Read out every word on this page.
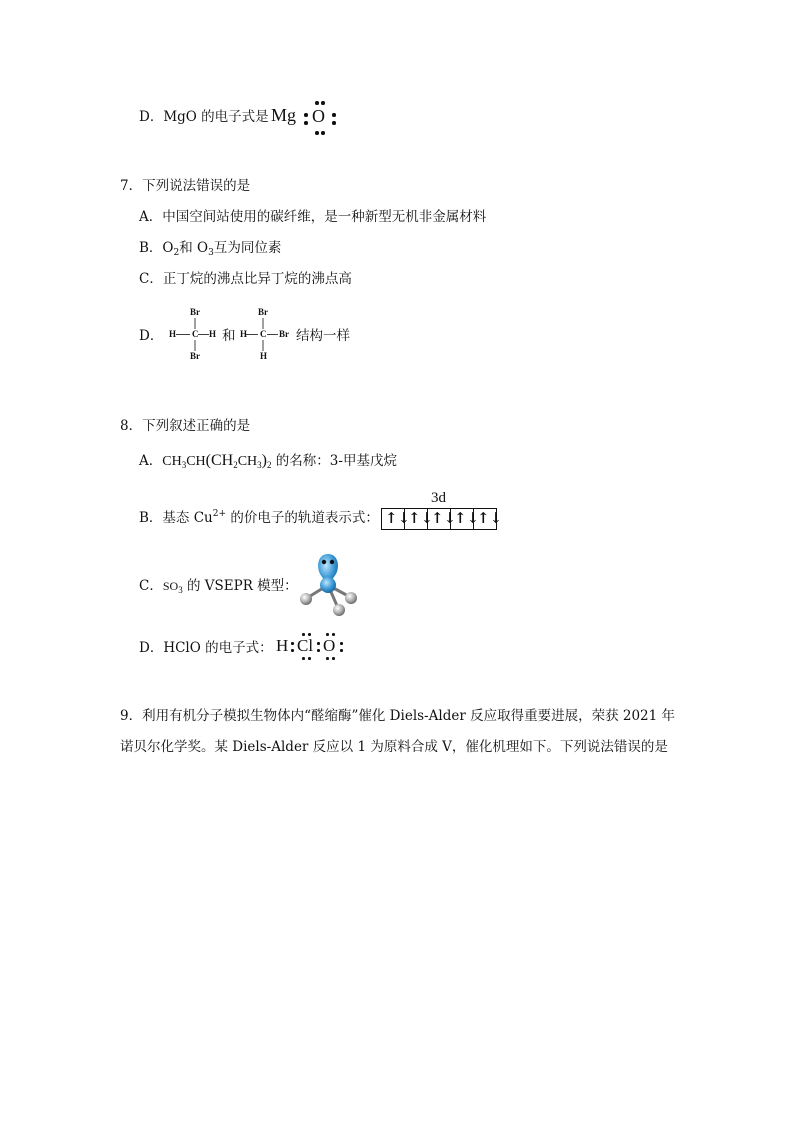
D．MgO 的电子式是 Mg O
7．下列说法错误的是
A．中国空间站使用的碳纤维，是一种新型无机非金属材料
B．$O_2$和 $O_3$互为同位素
C．正丁烷的沸点比异丁烷的沸点高
D．
Br
H C H
Br
和
Br
H C Br
H
结构一样
8．下列叙述正确的是
A．$CH_3CH(CH_2CH_3)_2$ 的名称：3-甲基戊烷
B．基态 $Cu^{2+}$ 的价电子的轨道表示式：
3d
↑↓
↑↓
↑↓
↑↓
↑↓
C．$SO_3$ 的 VSEPR 模型：
D．HClO 的电子式： H Cl O
9．利用有机分子模拟生物体内“醛缩酶”催化 Diels-Alder 反应取得重要进展，荣获 2021 年
诺贝尔化学奖。某 Diels-Alder 反应以 1 为原料合成 V，催化机理如下。下列说法错误的是
